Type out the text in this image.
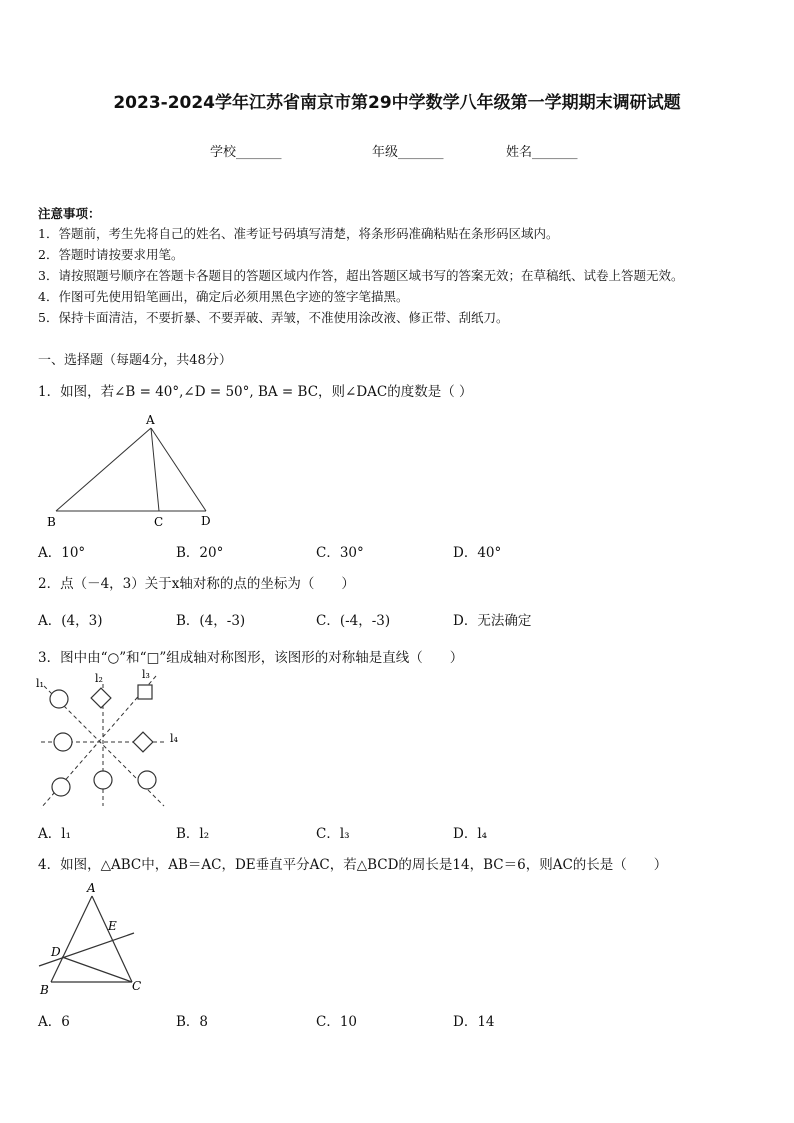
2023-2024学年江苏省南京市第29中学数学八年级第一学期期末调研试题
学校_______	年级_______	姓名_______
注意事项：
1．答题前，考生先将自己的姓名、准考证号码填写清楚，将条形码准确粘贴在条形码区域内。
2．答题时请按要求用笔。
3．请按照题号顺序在答题卡各题目的答题区域内作答，超出答题区域书写的答案无效；在草稿纸、试卷上答题无效。
4．作图可先使用铅笔画出，确定后必须用黑色字迹的签字笔描黑。
5．保持卡面清洁，不要折暴、不要弄破、弄皱，不准使用涂改液、修正带、刮纸刀。
一、选择题（每题4分，共48分）
1．如图，若∠B = 40°,∠D = 50°, BA = BC，则∠DAC的度数是（ ）
A
B	C	D
A．10°	B．20°	C．30°	D．40°
2．点（－4，3）关于x轴对称的点的坐标为（　　）
A．(4，3)	B．(4，-3)	C．(-4，-3)	D．无法确定
3．图中由“○”和“□”组成轴对称图形，该图形的对称轴是直线（　　）
l₁	l₂	l₃
l₄
A．l₁	B．l₂	C．l₃	D．l₄
4．如图，△ABC中，AB＝AC，DE垂直平分AC，若△BCD的周长是14，BC＝6，则AC的长是（　　）
A
B	C
D
E
A．6	B．8	C．10	D．14
